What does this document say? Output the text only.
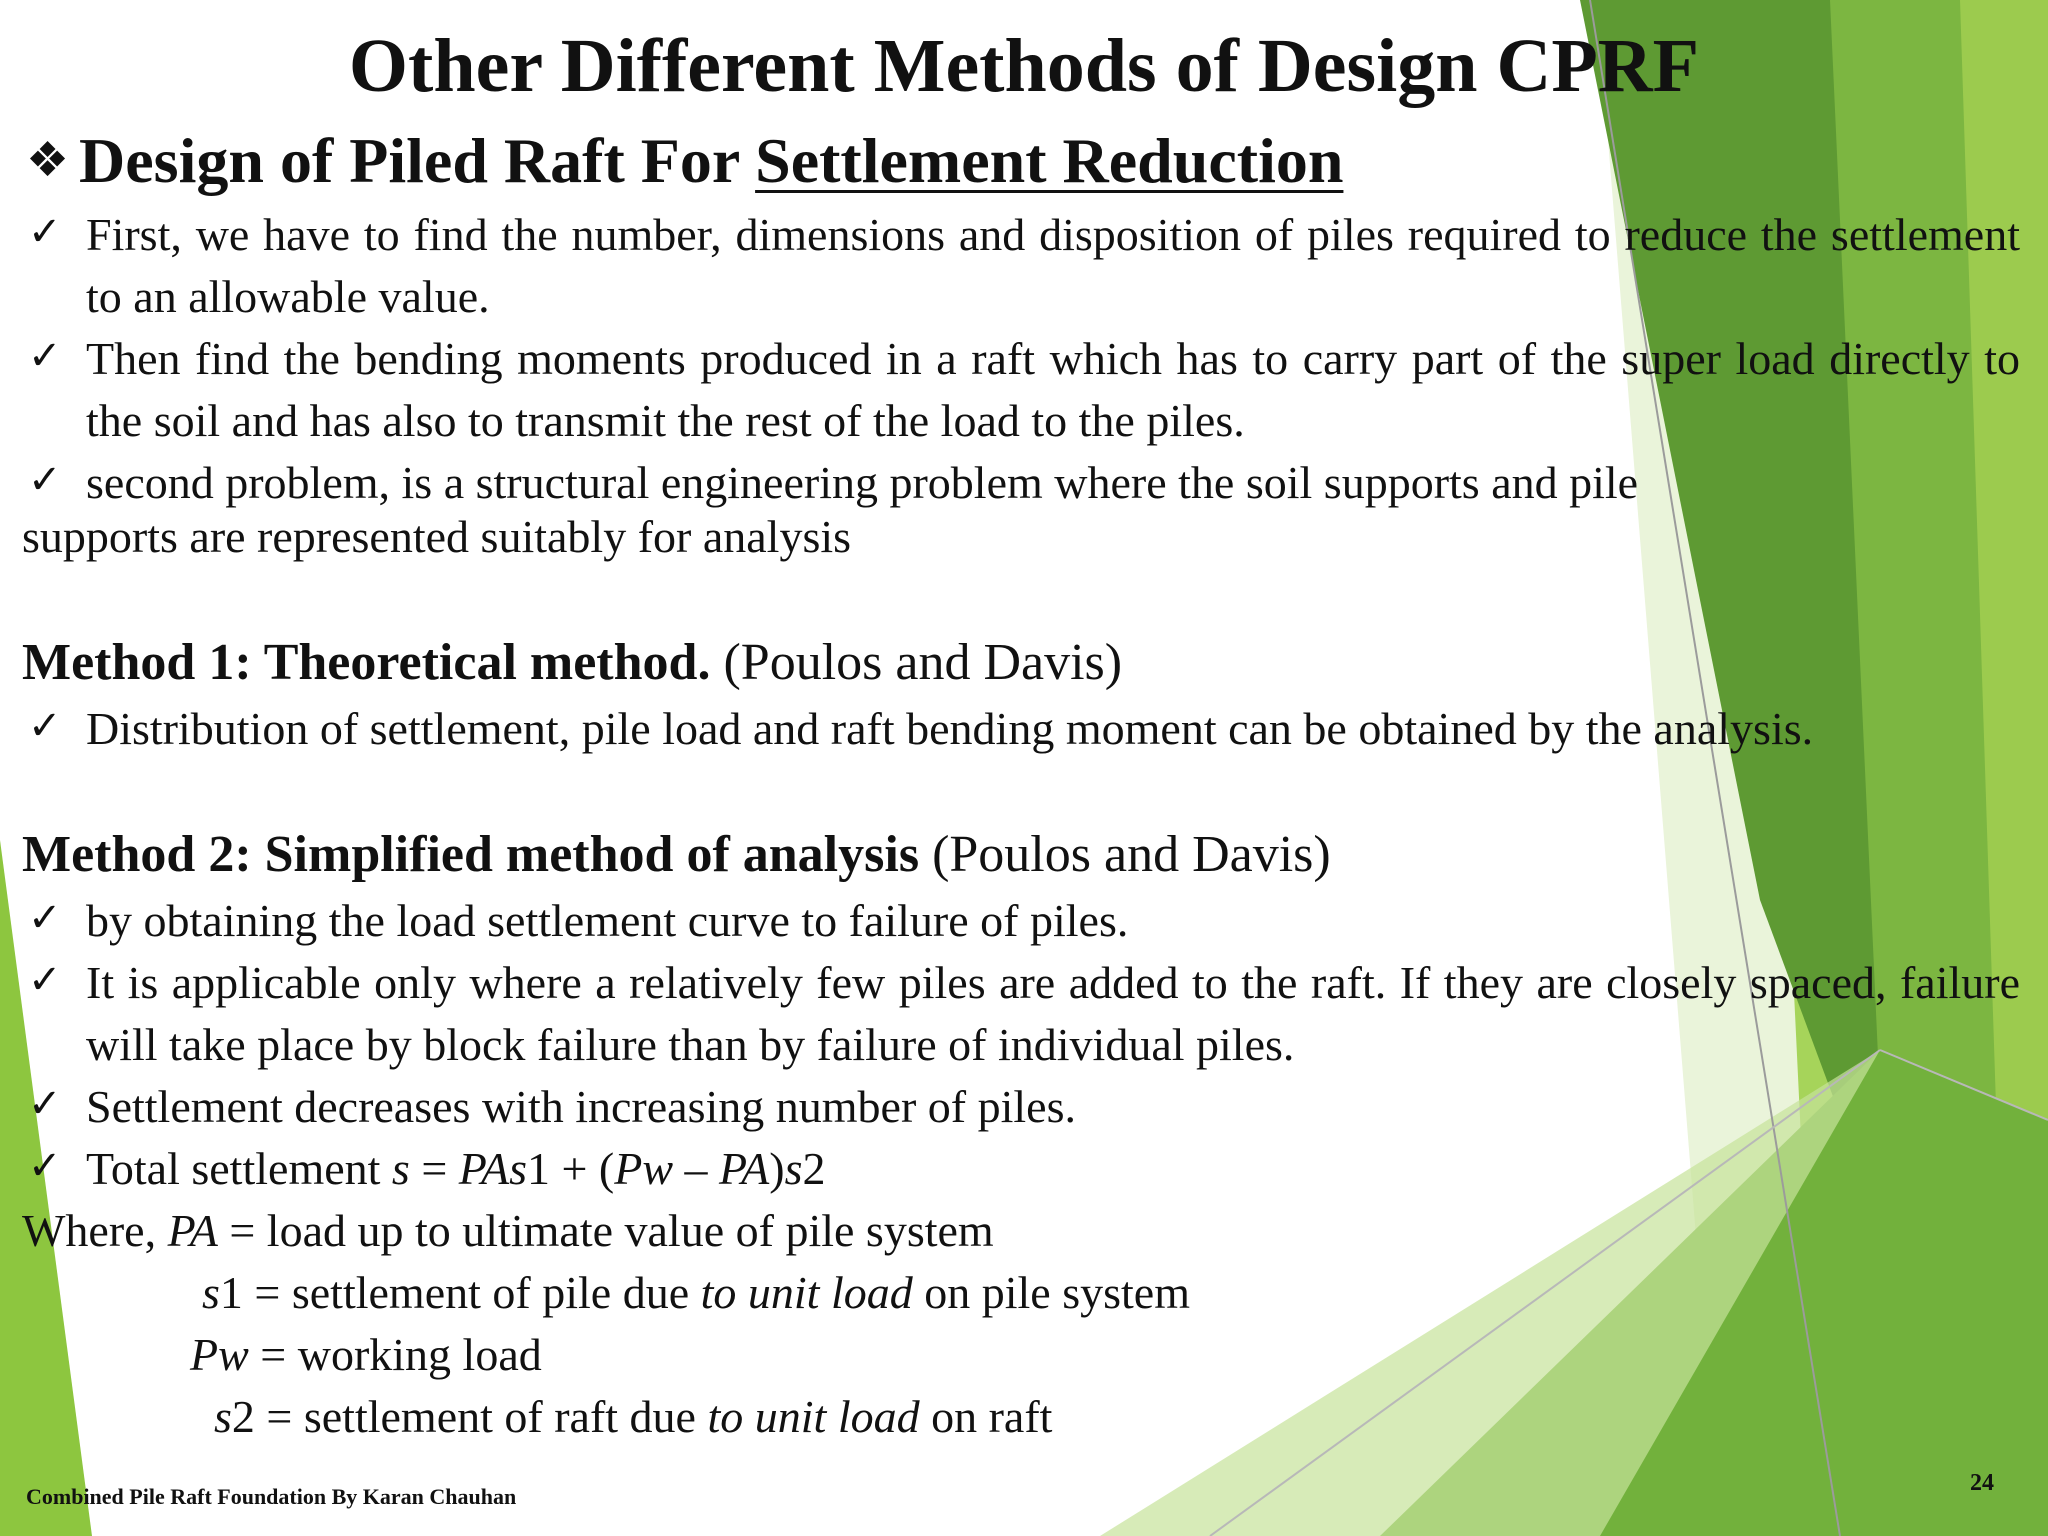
Other Different Methods of Design CPRF
❖ Design of Piled Raft For Settlement Reduction
✓ First, we have to find the number, dimensions and disposition of piles required to reduce the settlement to an allowable value.
✓ Then find the bending moments produced in a raft which has to carry part of the super load directly to the soil and has also to transmit the rest of the load to the piles.
✓ second problem, is a structural engineering problem where the soil supports and pile
supports are represented suitably for analysis
Method 1: Theoretical method. (Poulos and Davis)
✓ Distribution of settlement, pile load and raft bending moment can be obtained by the analysis.
Method 2: Simplified method of analysis (Poulos and Davis)
✓ by obtaining the load settlement curve to failure of piles.
✓ It is applicable only where a relatively few piles are added to the raft. If they are closely spaced, failure will take place by block failure than by failure of individual piles.
✓ Settlement decreases with increasing number of piles.
✓ Total settlement s = PAs1 + (Pw – PA)s2
Where, PA = load up to ultimate value of pile system
s1 = settlement of pile due to unit load on pile system
Pw = working load
s2 = settlement of raft due to unit load on raft
Combined Pile Raft Foundation By Karan Chauhan
24
